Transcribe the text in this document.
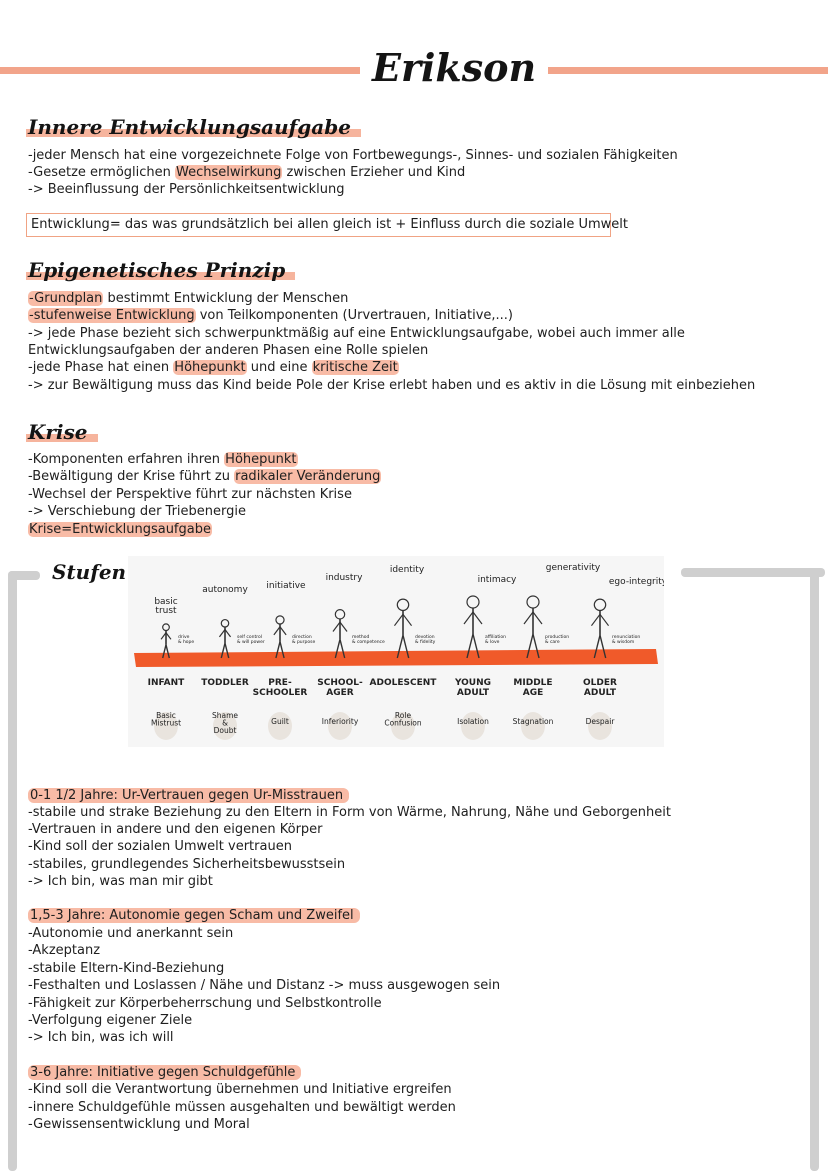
Erikson
Innere Entwicklungsaufgabe
-jeder Mensch hat eine vorgezeichnete Folge von Fortbewegungs-, Sinnes- und sozialen Fähigkeiten
-Gesetze ermöglichen Wechselwirkung zwischen Erzieher und Kind
-> Beeinflussung der Persönlichkeitsentwicklung
Entwicklung= das was grundsätzlich bei allen gleich ist + Einfluss durch die soziale Umwelt
Epigenetisches Prinzip
-Grundplan bestimmt Entwicklung der Menschen
-stufenweise Entwicklung von Teilkomponenten (Urvertrauen, Initiative,...)
-> jede Phase bezieht sich schwerpunktmäßig auf eine Entwicklungsaufgabe, wobei auch immer alle
Entwicklungsaufgaben der anderen Phasen eine Rolle spielen
-jede Phase hat einen Höhepunkt und eine kritische Zeit
-> zur Bewältigung muss das Kind beide Pole der Krise erlebt haben und es aktiv in die Lösung mit einbeziehen
Krise
-Komponenten erfahren ihren Höhepunkt
-Bewältigung der Krise führt zu radikaler Veränderung
-Wechsel der Perspektive führt zur nächsten Krise
-> Verschiebung der Triebenergie
Krise=Entwicklungsaufgabe
Stufen
basic trust
drive & hope
INFANT
Basic Mistrust
autonomy
self control & will power
TODDLER
Shame & Doubt
initiative
direction & purpose
PRE-SCHOOLER
Guilt
industry
method & competence
SCHOOL-AGER
Inferiority
identity
devotion & fidelity
ADOLESCENT
Role Confusion
intimacy
affiliation & love
YOUNG ADULT
Isolation
generativity
production & care
MIDDLE AGE
Stagnation
ego-integrity
renunciation & wisdom
OLDER ADULT
Despair
0-1 1/2 Jahre: Ur-Vertrauen gegen Ur-Misstrauen
-stabile und strake Beziehung zu den Eltern in Form von Wärme, Nahrung, Nähe und Geborgenheit
-Vertrauen in andere und den eigenen Körper
-Kind soll der sozialen Umwelt vertrauen
-stabiles, grundlegendes Sicherheitsbewusstsein
-> Ich bin, was man mir gibt
1,5-3 Jahre: Autonomie gegen Scham und Zweifel
-Autonomie und anerkannt sein
-Akzeptanz
-stabile Eltern-Kind-Beziehung
-Festhalten und Loslassen / Nähe und Distanz -> muss ausgewogen sein
-Fähigkeit zur Körperbeherrschung und Selbstkontrolle
-Verfolgung eigener Ziele
-> Ich bin, was ich will
3-6 Jahre: Initiative gegen Schuldgefühle
-Kind soll die Verantwortung übernehmen und Initiative ergreifen
-innere Schuldgefühle müssen ausgehalten und bewältigt werden
-Gewissensentwicklung und Moral
